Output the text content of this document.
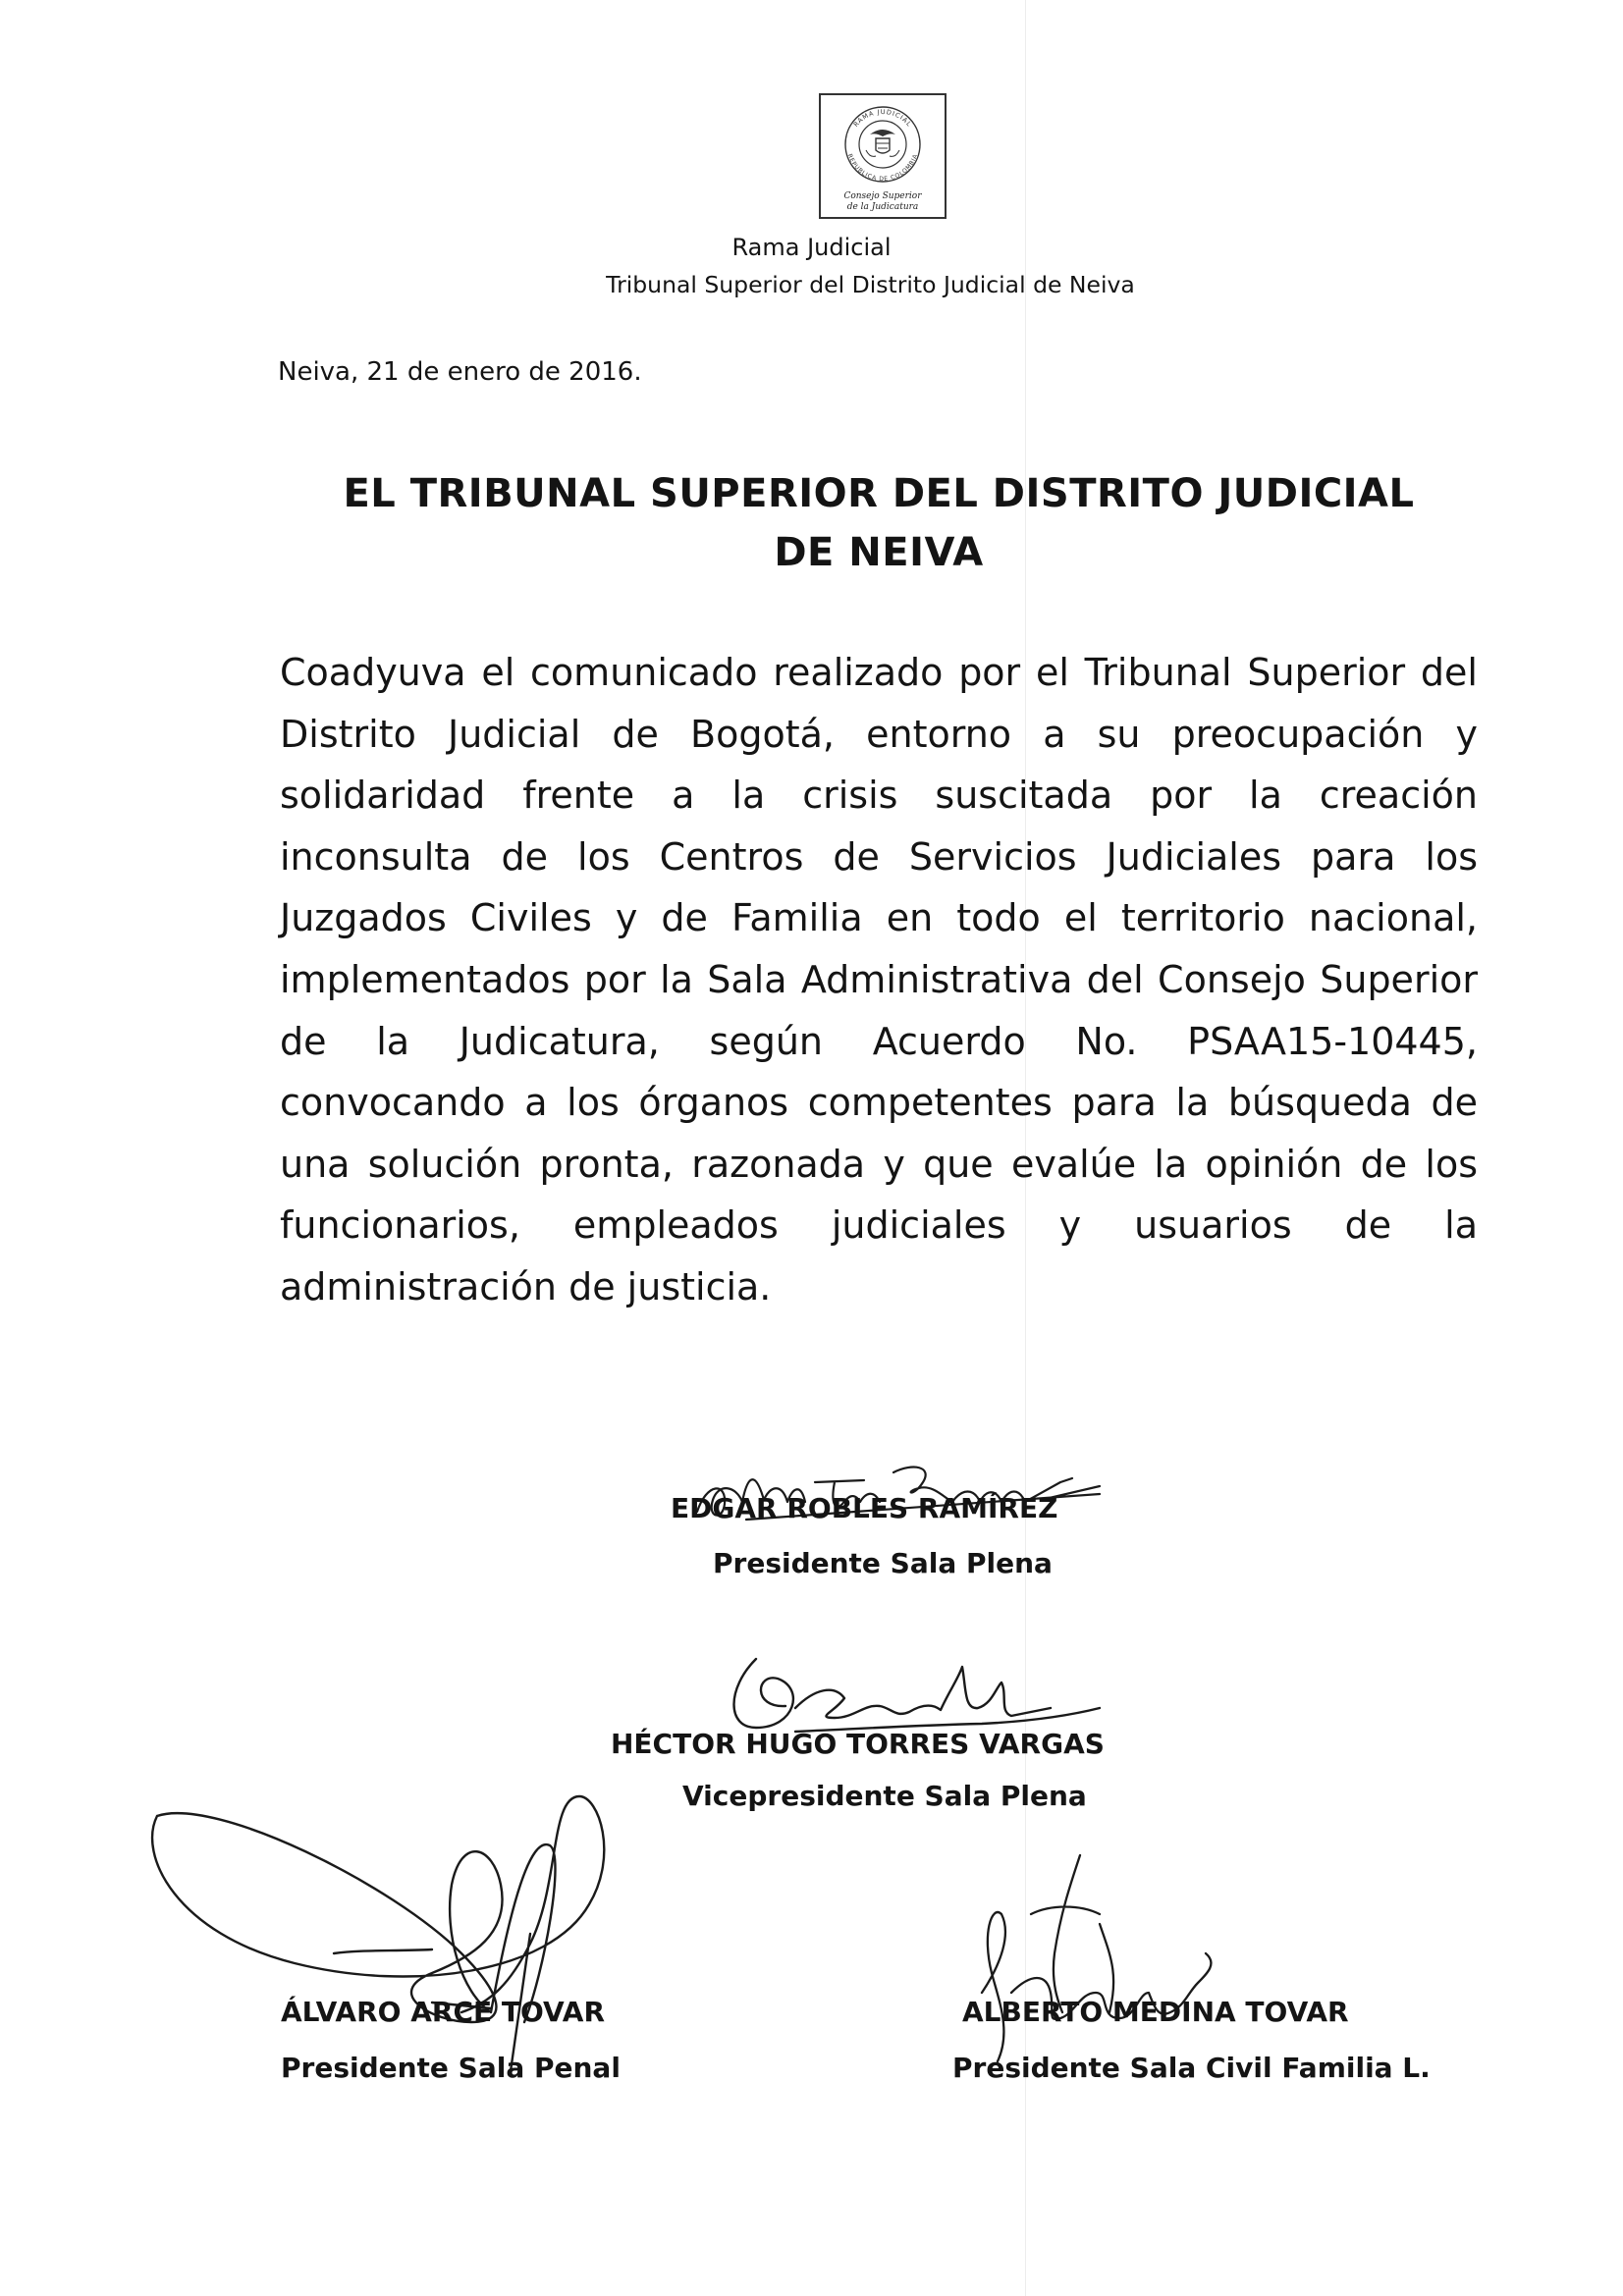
RAMA JUDICIAL
REPUBLICA DE COLOMBIA
Consejo Superior
de la Judicatura
Rama Judicial
Tribunal Superior del Distrito Judicial de Neiva
Neiva, 21 de enero de 2016.
EL TRIBUNAL SUPERIOR DEL DISTRITO JUDICIAL
DE NEIVA
Coadyuva el comunicado realizado por el Tribunal Superior del Distrito Judicial de Bogotá, entorno a su preocupación y solidaridad frente a la crisis suscitada por la creación inconsulta de los Centros de Servicios Judiciales para los Juzgados Civiles y de Familia en todo el territorio nacional, implementados por la Sala Administrativa del Consejo Superior de la Judicatura, según Acuerdo No. PSAA15-10445, convocando a los órganos competentes para la búsqueda de una solución pronta, razonada y que evalúe la opinión de los funcionarios, empleados judiciales y usuarios de la administración de justicia.
EDGAR ROBLES RAMÍREZ
Presidente Sala Plena
HÉCTOR HUGO TORRES VARGAS
Vicepresidente Sala Plena
ÁLVARO ARCE TOVAR
Presidente Sala Penal
ALBERTO MEDINA TOVAR
Presidente Sala Civil Familia L.
